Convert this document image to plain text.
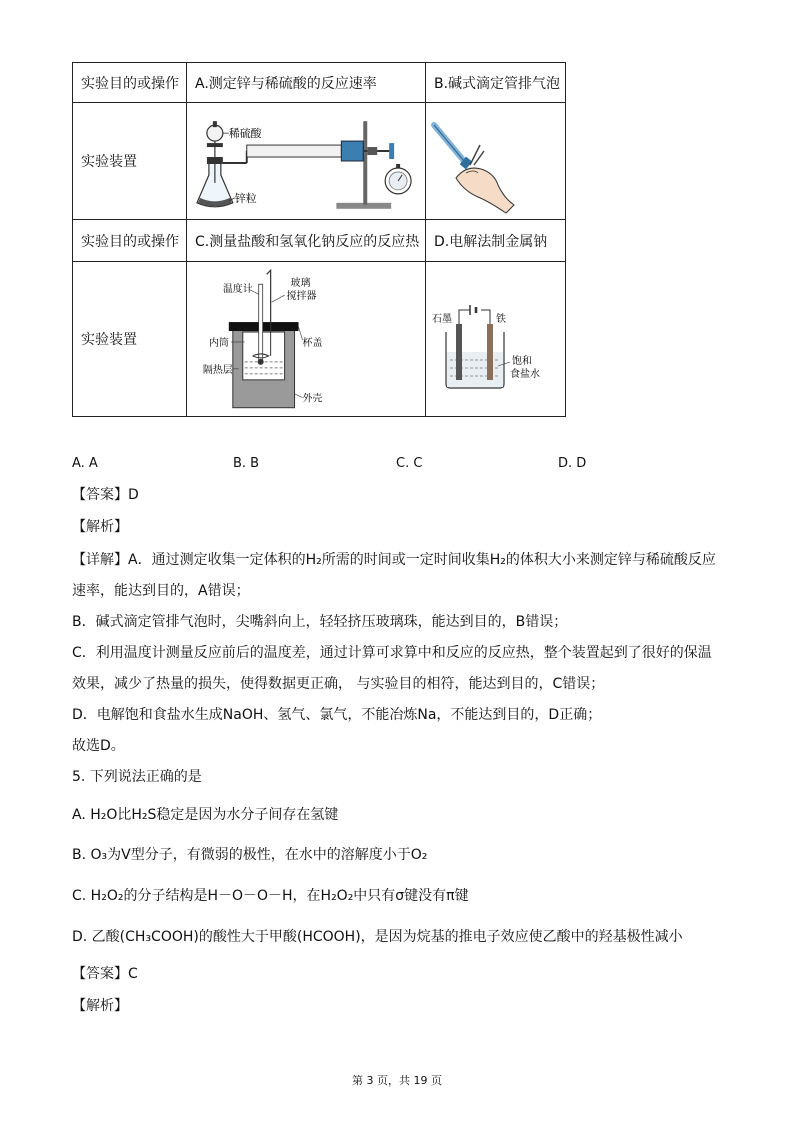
实验目的或操作 A.测定锌与稀硫酸的反应速率	B.碱式滴定管排气泡
实验装置
稀硫酸
锌粒
实验目的或操作 C.测量盐酸和氢氧化钠反应的反应热 D.电解法制金属钠
实验装置
温度计
玻璃
搅拌器
内筒	杯盖
隔热层
外壳
石墨	铁
饱和
食盐水
A. A	B. B	C. C	D. D
【答案】D
【解析】
【详解】A．通过测定收集一定体积的H₂所需的时间或一定时间收集H₂的体积大小来测定锌与稀硫酸反应
速率，能达到目的，A错误；
B．碱式滴定管排气泡时，尖嘴斜向上，轻轻挤压玻璃珠，能达到目的，B错误；
C．利用温度计测量反应前后的温度差，通过计算可求算中和反应的反应热，整个装置起到了很好的保温
效果，减少了热量的损失，使得数据更正确， 与实验目的相符，能达到目的，C错误；
D．电解饱和食盐水生成NaOH、氢气、氯气，不能冶炼Na，不能达到目的，D正确；
故选D。
5. 下列说法正确的是
A. H₂O比H₂S稳定是因为水分子间存在氢键
B. O₃为V型分子，有微弱的极性，在水中的溶解度小于O₂
C. H₂O₂的分子结构是H－O－O－H，在H₂O₂中只有σ键没有π键
D. 乙酸(CH₃COOH)的酸性大于甲酸(HCOOH)，是因为烷基的推电子效应使乙酸中的羟基极性减小
【答案】C
【解析】
第 3 页，共 19 页
